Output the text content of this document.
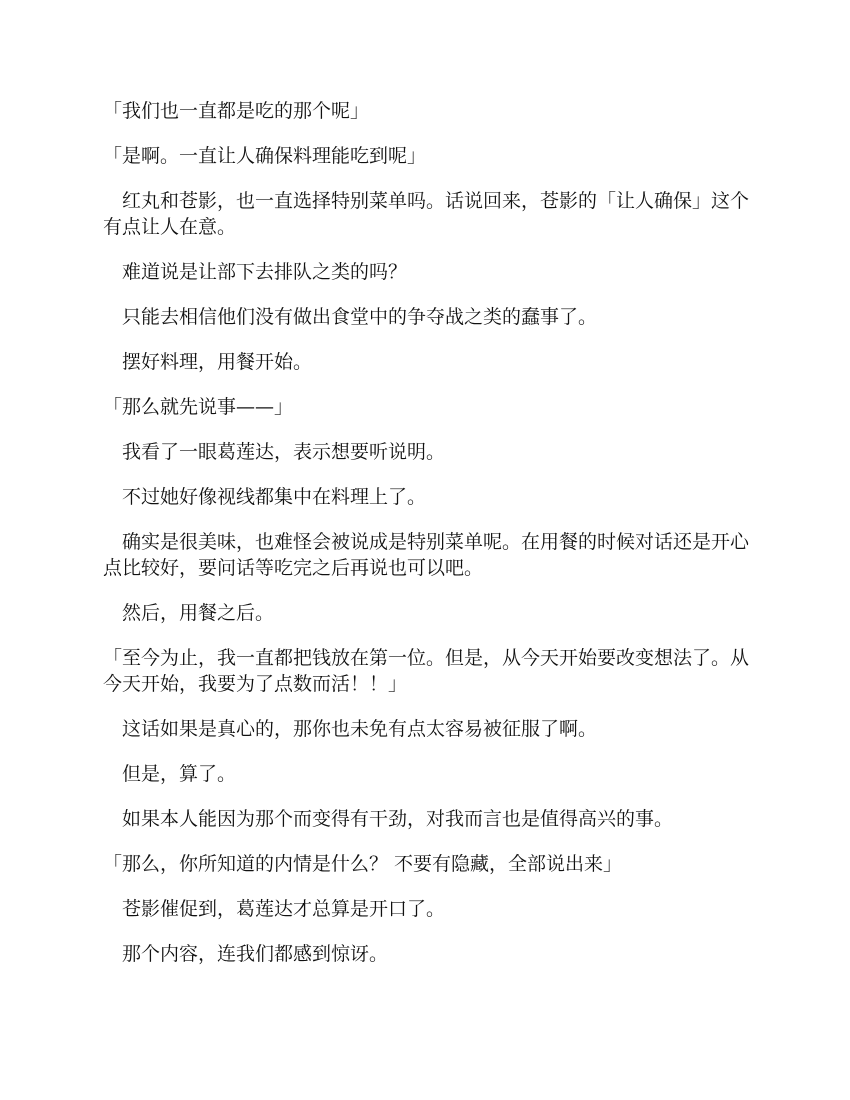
「我们也一直都是吃的那个呢」

「是啊。一直让人确保料理能吃到呢」

　红丸和苍影，也一直选择特别菜单吗。话说回来，苍影的「让人确保」这个有点让人在意。

　难道说是让部下去排队之类的吗？

　只能去相信他们没有做出食堂中的争夺战之类的蠢事了。

　摆好料理，用餐开始。

「那么就先说事——」

　我看了一眼葛莲达，表示想要听说明。

　不过她好像视线都集中在料理上了。

　确实是很美味，也难怪会被说成是特别菜单呢。在用餐的时候对话还是开心点比较好，要问话等吃完之后再说也可以吧。

　然后，用餐之后。

「至今为止，我一直都把钱放在第一位。但是，从今天开始要改变想法了。从今天开始，我要为了点数而活！！」

　这话如果是真心的，那你也未免有点太容易被征服了啊。

　但是，算了。

　如果本人能因为那个而变得有干劲，对我而言也是值得高兴的事。

「那么，你所知道的内情是什么？ 不要有隐藏，全部说出来」

　苍影催促到，葛莲达才总算是开口了。

　那个内容，连我们都感到惊讶。
